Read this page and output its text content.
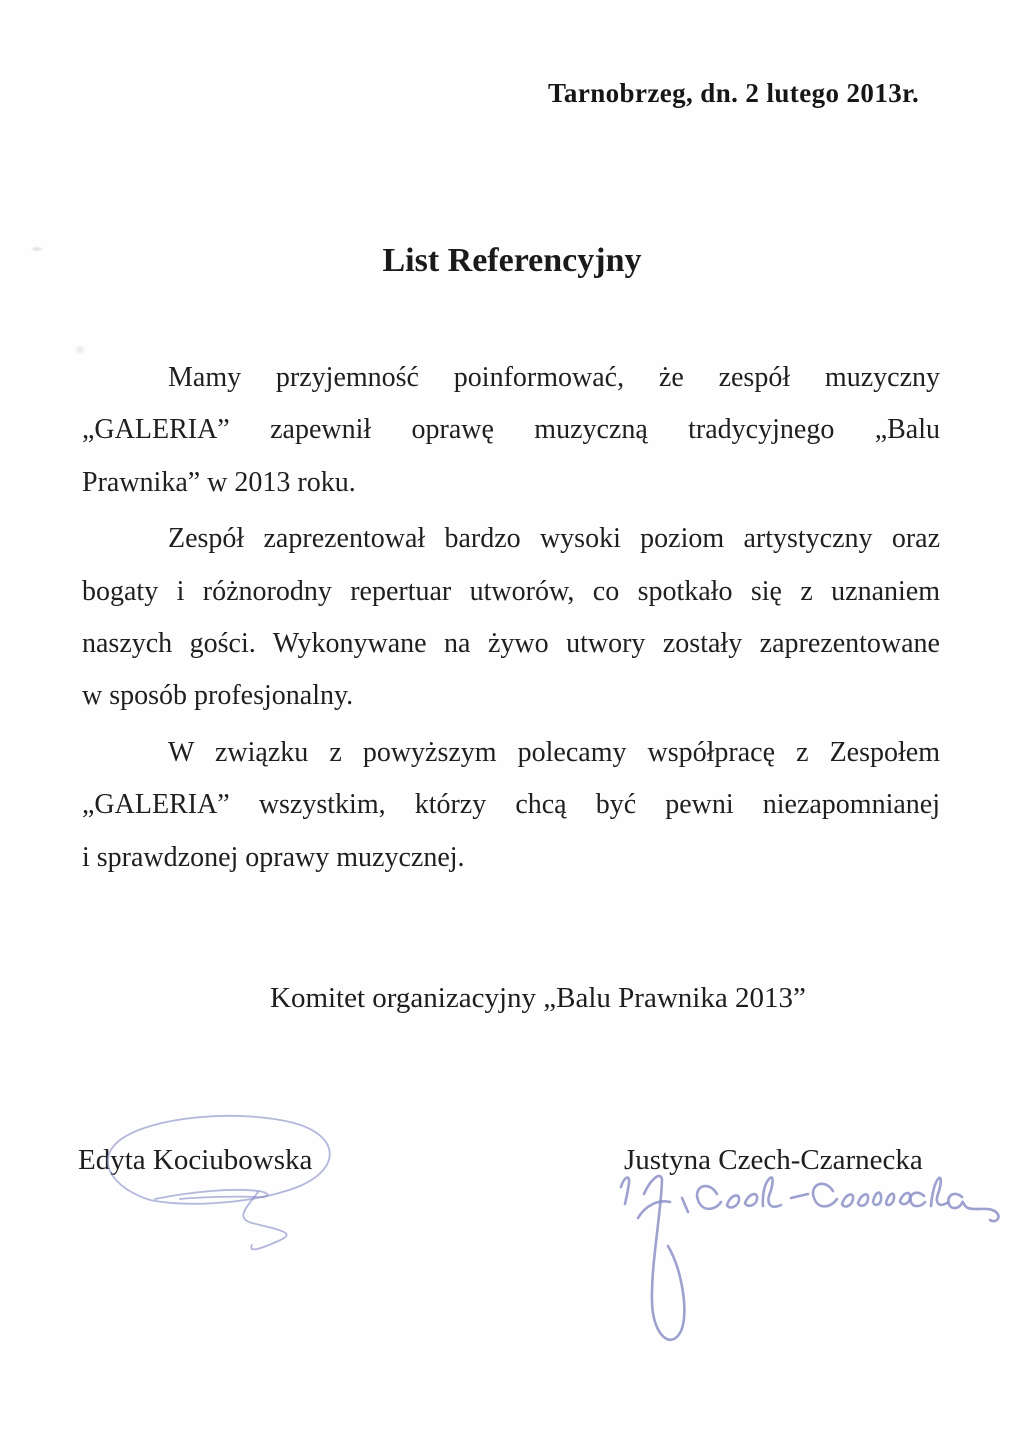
Tarnobrzeg, dn. 2 lutego 2013r.
List Referencyjny
Mamy przyjemność poinformować, że zespół muzyczny
„GALERIA” zapewnił oprawę muzyczną tradycyjnego „Balu
Prawnika” w 2013 roku.
Zespół zaprezentował bardzo wysoki poziom artystyczny oraz
bogaty i różnorodny repertuar utworów, co spotkało się z uznaniem
naszych gości. Wykonywane na żywo utwory zostały zaprezentowane
w sposób profesjonalny.
W związku z powyższym polecamy współpracę z Zespołem
„GALERIA” wszystkim, którzy chcą być pewni niezapomnianej
i sprawdzonej oprawy muzycznej.
Komitet organizacyjny „Balu Prawnika 2013”
Edyta Kociubowska	Justyna Czech-Czarnecka
